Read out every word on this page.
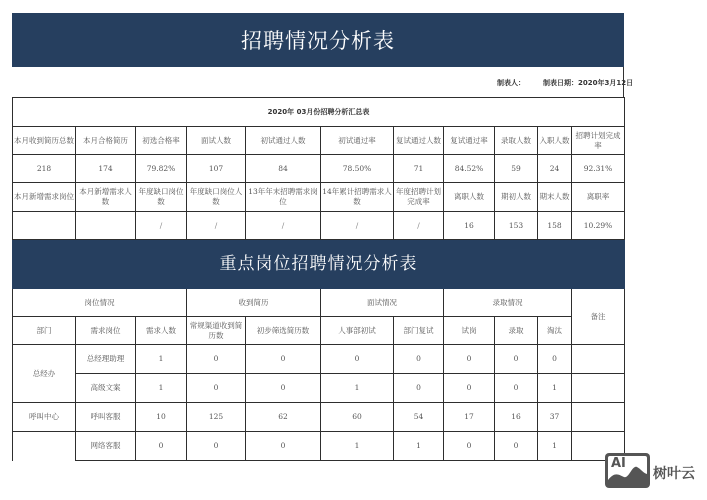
招聘情况分析表
制表人：	制表日期：2020年3月12日
2020年 03月份招聘分析汇总表										
本月收到简历总数	本月合格简历	初选合格率	面试人数	初试通过人数	初试通过率	复试通过人数	复试通过率	录取人数	入职人数	招聘计划完成率
218	174	79.82%	107	84	78.50%	71	84.52%	59	24	92.31%
本月新增需求岗位	本月新增需求人数	年度缺口岗位数	年度缺口岗位人数	13年年末招聘需求岗位	14年累计招聘需求人数	年度招聘计划完成率	离职人数	期初人数	期末人数	离职率
		/	/	/	/	/	16	153	158	10.29%
重点岗位招聘情况分析表										
岗位情况			收到简历		面试情况		录取情况			备注
部门	需求岗位	需求人数	常规渠道收到简历数	初步筛选简历数	人事部初试	部门复试	试岗	录取	淘汰	
总经办	总经理助理	1	0	0	0	0	0	0	0	
	高级文案	1	0	0	1	0	0	0	1	
呼叫中心	呼叫客服	10	125	62	60	54	17	16	37	
	网络客服	0	0	0	1	1	0	0	1	
AI
树叶云
